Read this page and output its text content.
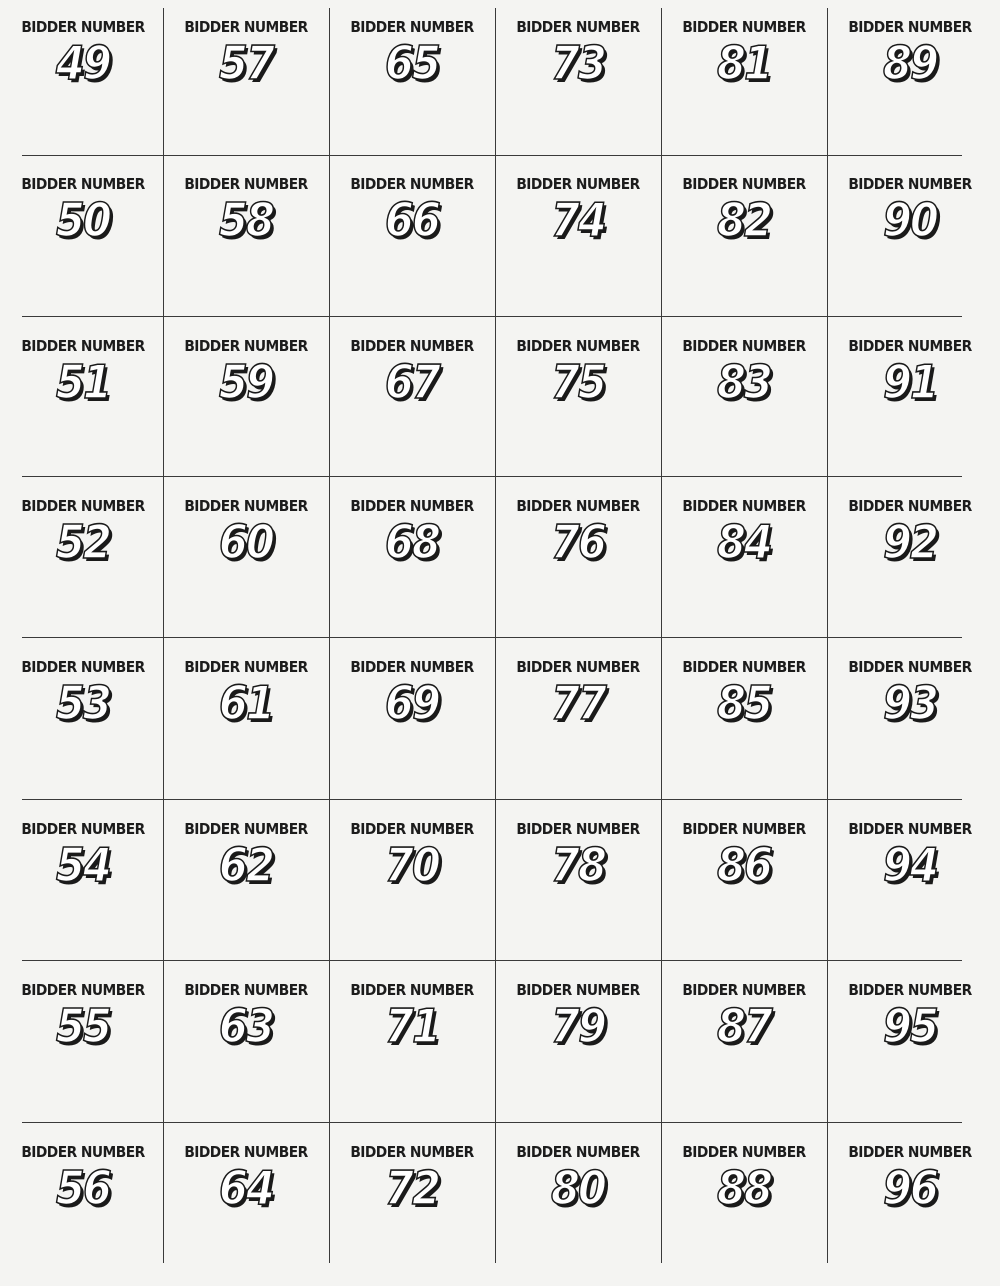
BIDDER NUMBER
49
BIDDER NUMBER
50
BIDDER NUMBER
51
BIDDER NUMBER
52
BIDDER NUMBER
53
BIDDER NUMBER
54
BIDDER NUMBER
55
BIDDER NUMBER
56
BIDDER NUMBER
57
BIDDER NUMBER
58
BIDDER NUMBER
59
BIDDER NUMBER
60
BIDDER NUMBER
61
BIDDER NUMBER
62
BIDDER NUMBER
63
BIDDER NUMBER
64
BIDDER NUMBER
65
BIDDER NUMBER
66
BIDDER NUMBER
67
BIDDER NUMBER
68
BIDDER NUMBER
69
BIDDER NUMBER
70
BIDDER NUMBER
71
BIDDER NUMBER
72
BIDDER NUMBER
73
BIDDER NUMBER
74
BIDDER NUMBER
75
BIDDER NUMBER
76
BIDDER NUMBER
77
BIDDER NUMBER
78
BIDDER NUMBER
79
BIDDER NUMBER
80
BIDDER NUMBER
81
BIDDER NUMBER
82
BIDDER NUMBER
83
BIDDER NUMBER
84
BIDDER NUMBER
85
BIDDER NUMBER
86
BIDDER NUMBER
87
BIDDER NUMBER
88
BIDDER NUMBER
89
BIDDER NUMBER
90
BIDDER NUMBER
91
BIDDER NUMBER
92
BIDDER NUMBER
93
BIDDER NUMBER
94
BIDDER NUMBER
95
BIDDER NUMBER
96
